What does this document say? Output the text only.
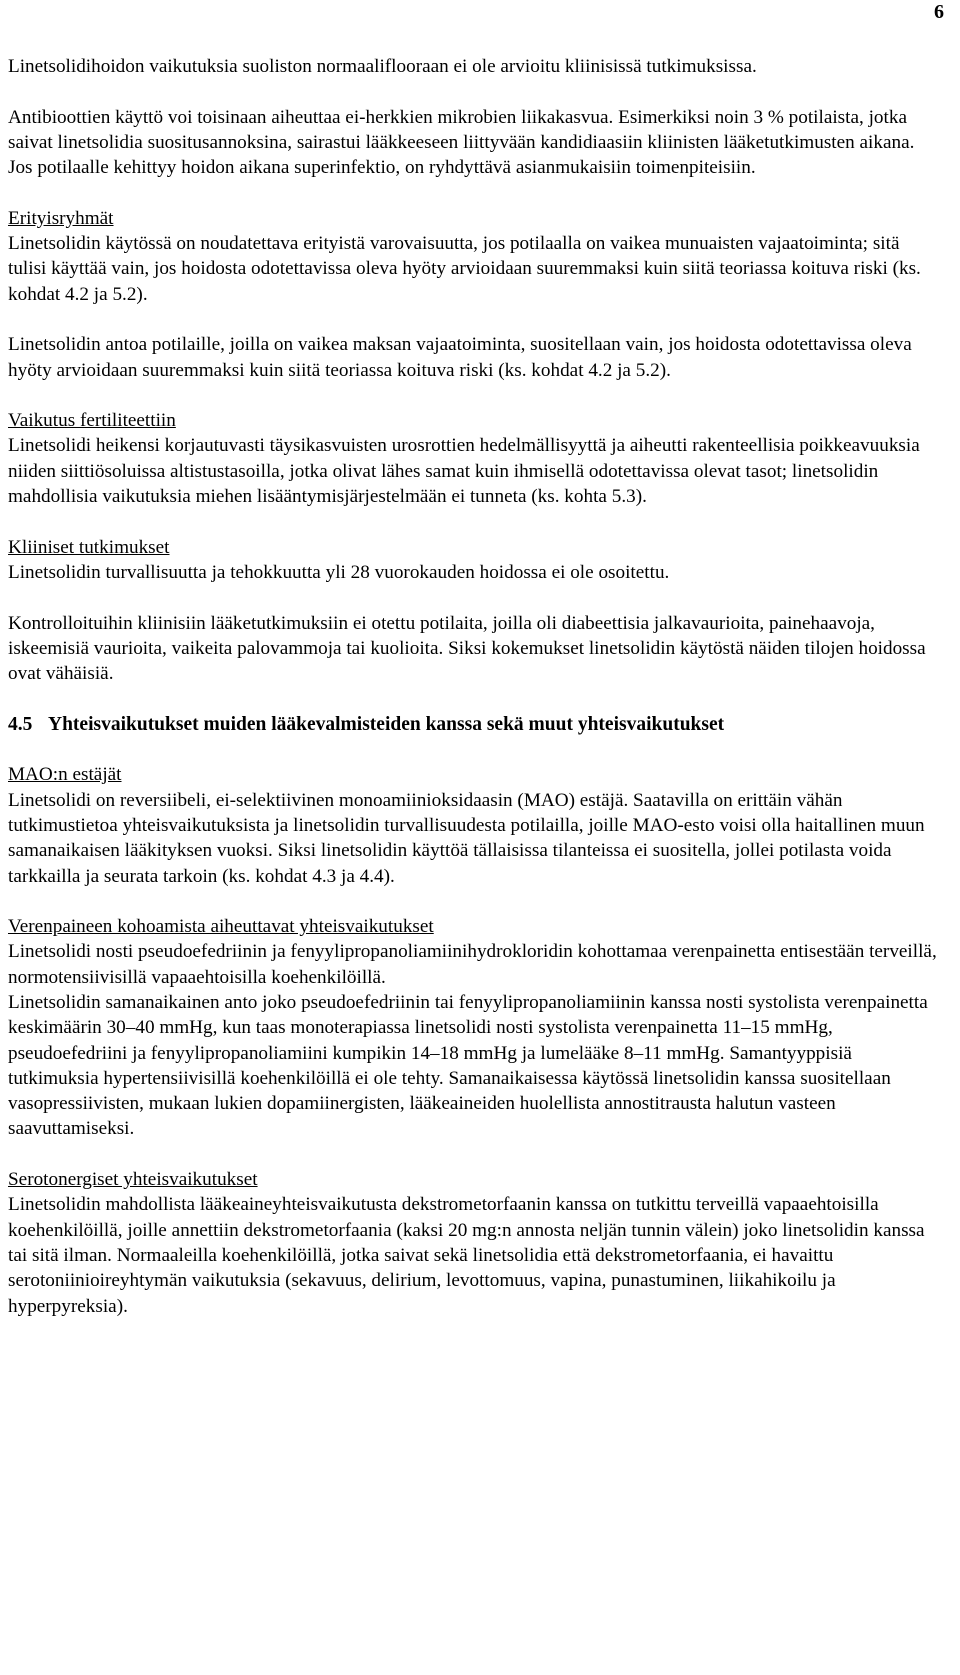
6

Linetsolidihoidon vaikutuksia suoliston normaaliflooraan ei ole arvioitu kliinisissä tutkimuksissa.

Antibioottien käyttö voi toisinaan aiheuttaa ei-herkkien mikrobien liikakasvua. Esimerkiksi noin 3 % potilaista, jotka saivat linetsolidia suositusannoksina, sairastui lääkkeeseen liittyvään kandidiaasiin kliinisten lääketutkimusten aikana. Jos potilaalle kehittyy hoidon aikana superinfektio, on ryhdyttävä asianmukaisiin toimenpiteisiin.

Erityisryhmät
Linetsolidin käytössä on noudatettava erityistä varovaisuutta, jos potilaalla on vaikea munuaisten vajaatoiminta; sitä tulisi käyttää vain, jos hoidosta odotettavissa oleva hyöty arvioidaan suuremmaksi kuin siitä teoriassa koituva riski (ks. kohdat 4.2 ja 5.2).

Linetsolidin antoa potilaille, joilla on vaikea maksan vajaatoiminta, suositellaan vain, jos hoidosta odotettavissa oleva hyöty arvioidaan suuremmaksi kuin siitä teoriassa koituva riski (ks. kohdat 4.2 ja 5.2).

Vaikutus fertiliteettiin
Linetsolidi heikensi korjautuvasti täysikasvuisten urosrottien hedelmällisyyttä ja aiheutti rakenteellisia poikkeavuuksia niiden siittiösoluissa altistustasoilla, jotka olivat lähes samat kuin ihmisellä odotettavissa olevat tasot; linetsolidin mahdollisia vaikutuksia miehen lisääntymisjärjestelmään ei tunneta (ks. kohta 5.3).
Kliiniset tutkimukset
Linetsolidin turvallisuutta ja tehokkuutta yli 28 vuorokauden hoidossa ei ole osoitettu.

Kontrolloituihin kliinisiin lääketutkimuksiin ei otettu potilaita, joilla oli diabeettisia jalkavaurioita, painehaavoja, iskeemisiä vaurioita, vaikeita palovammoja tai kuolioita. Siksi kokemukset linetsolidin käytöstä näiden tilojen hoidossa ovat vähäisiä.

4.5 Yhteisvaikutukset muiden lääkevalmisteiden kanssa sekä muut yhteisvaikutukset
MAO:n estäjät
Linetsolidi on reversiibeli, ei-selektiivinen monoamiinioksidaasin (MAO) estäjä. Saatavilla on erittäin vähän tutkimustietoa yhteisvaikutuksista ja linetsolidin turvallisuudesta potilailla, joille MAO-esto voisi olla haitallinen muun samanaikaisen lääkityksen vuoksi. Siksi linetsolidin käyttöä tällaisissa tilanteissa ei suositella, jollei potilasta voida tarkkailla ja seurata tarkoin (ks. kohdat 4.3 ja 4.4).
Verenpaineen kohoamista aiheuttavat yhteisvaikutukset
Linetsolidi nosti pseudoefedriinin ja fenyylipropanoliamiinihydrokloridin kohottamaa verenpainetta entisestään terveillä, normotensiivisillä vapaaehtoisilla koehenkilöillä.
Linetsolidin samanaikainen anto joko pseudoefedriinin tai fenyylipropanoliamiinin kanssa nosti systolista verenpainetta keskimäärin 30–40 mmHg, kun taas monoterapiassa linetsolidi nosti systolista verenpainetta 11–15 mmHg, pseudoefedriini ja fenyylipropanoliamiini kumpikin 14–18 mmHg ja lumelääke 8–11 mmHg. Samantyyppisiä tutkimuksia hypertensiivisillä koehenkilöillä ei ole tehty. Samanaikaisessa käytössä linetsolidin kanssa suositellaan vasopressiivisten, mukaan lukien dopamiinergisten, lääkeaineiden huolellista annostitrausta halutun vasteen saavuttamiseksi.
Serotonergiset yhteisvaikutukset
Linetsolidin mahdollista lääkeaineyhteisvaikutusta dekstrometorfaanin kanssa on tutkittu terveillä vapaaehtoisilla koehenkilöillä, joille annettiin dekstrometorfaania (kaksi 20 mg:n annosta neljän tunnin välein) joko linetsolidin kanssa tai sitä ilman. Normaaleilla koehenkilöillä, jotka saivat sekä linetsolidia että dekstrometorfaania, ei havaittu serotoniinioireyhtymän vaikutuksia (sekavuus, delirium, levottomuus, vapina, punastuminen, liikahikoilu ja hyperpyreksia).
